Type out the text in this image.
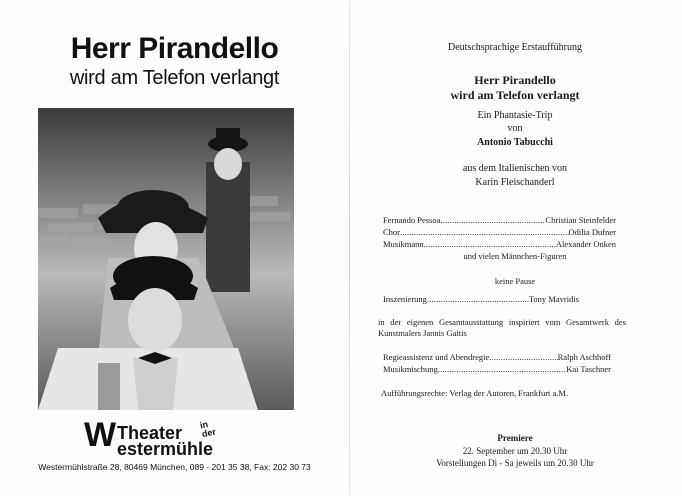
Herr Pirandello
wird am Telefon verlangt
W Theater in
der
estermühle
Westermühlstraße 28, 80469 München, 089 - 201 35 38, Fax: 202 30 73
Deutschsprachige Erstaufführung
Herr Pirandello
wird am Telefon verlangt
Ein Phantasie-Trip
von
Antonio Tabucchi
aus dem Italienischen von
Karin Fleischanderl
Fernando Pessoa .....	Christian Steinfelder
Chor .....	Odilia Dufner
Musikmann .....	Alexander Onken
und vielen Männchen-Figuren
keine Pause
Inszenierung .....	Tony Mavridis
in der eigenen Gesamtausstattung inspiriert vom Gesamtwerk des Kunstmalers Jannis Gaitis
Regieassistenz und Abendregie .....	Ralph Aschhoff
Musikmischung .....	Kai Taschner
Aufführungsrechte: Verlag der Autoren, Frankfurt a.M.
Premiere
22. September um 20.30 Uhr
Vorstellungen Di - Sa jeweils um 20.30 Uhr
